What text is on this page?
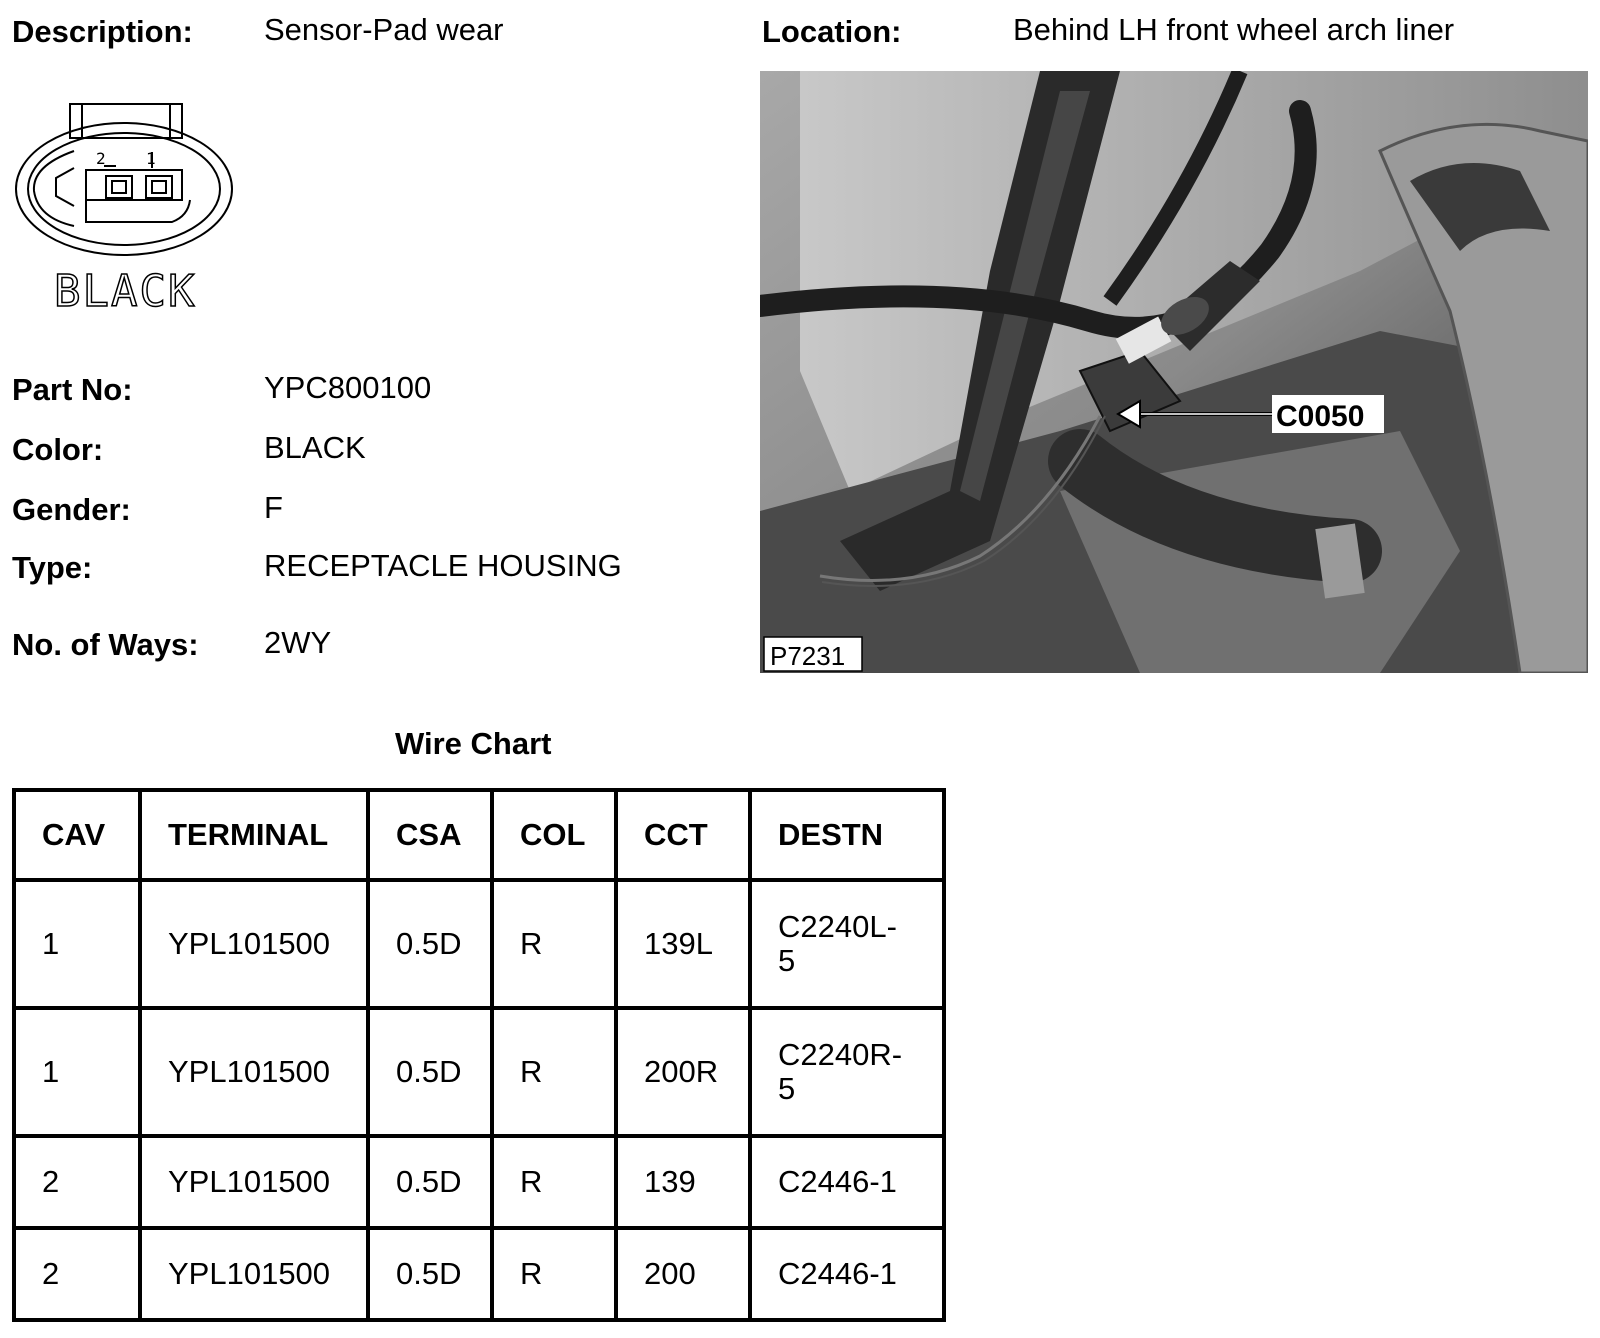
Description: Sensor-Pad wear	Location:	Behind LH front wheel arch liner
2	1
BLACK
Part No:	YPC800100
Color:	BLACK
Gender:	F
Type:	RECEPTACLE HOUSING
No. of Ways: 2WY
C0050
P7231
Wire Chart
CAV	TERMINAL	CSA	COL	CCT	DESTN
1	YPL101500	0.5D	R	139L	C2240L-5
1	YPL101500	0.5D	R	200R	C2240R-5
2	YPL101500	0.5D	R	139	C2446-1
2	YPL101500	0.5D	R	200	C2446-1
